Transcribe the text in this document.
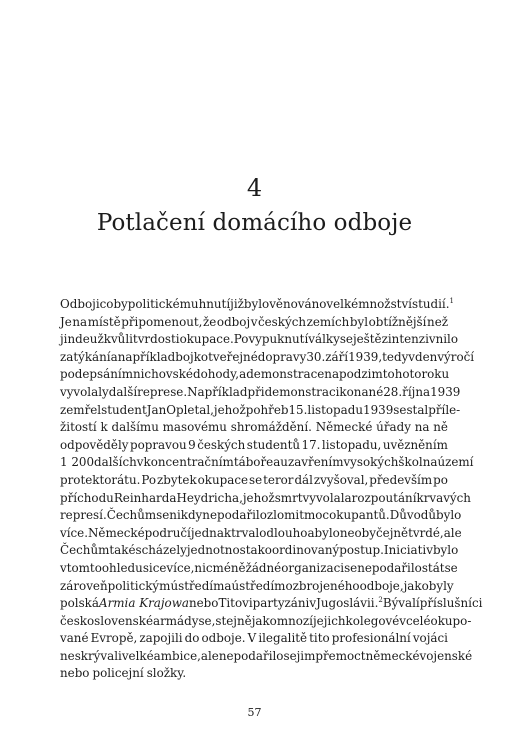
4
Potlačení domácího odboje
Odboji coby politickému hnutí již bylo věnováno velké množství studií.1
Je na místě připomenout, že odboj v českých zemích byl obtížnější než
jinde už kvůli tvrdosti okupace. Po vypuknutí války se ještě zintenzivnilo
zatýkání a například bojkot veřejné dopravy 30. září 1939, tedy v den výročí
podepsání mnichovské dohody, a demonstrace na podzim tohoto roku
vyvolaly další represe. Například při demonstraci konané 28. října 1939
zemřel student Jan Opletal, jehož pohřeb 15. listopadu 1939 se stal příle-
žitostí k dalšímu masovému shromáždění. Německé úřady na ně
odpověděly popravou 9 českých studentů 17. listopadu, uvězněním
1 200 dalších v koncentračním táboře a uzavřením vysokých škol na území
protektorátu. Po zbytek okupace se teror dál zvyšoval, především po
příchodu Reinharda Heydricha, jehož smrt vyvolala rozpoutání krvavých
represí. Čechům se nikdy nepodařilo zlomit moc okupantů. Důvodů bylo
více. Německé područí jednak trvalo dlouho a bylo neobyčejně tvrdé, ale
Čechům také scházely jednotnost a koordinovaný postup. Iniciativ bylo
v tomto ohledu sice více, nicméně žádné organizaci se nepodařilo stát se
zároveň politickým ústředím a ústředím ozbrojeného odboje, jako byly
polská Armia Krajowa nebo Titovi partyzáni v Jugoslávii.2 Bývalí příslušníci
československé armády se, stejně jako mnozí jejich kolegové v celé okupo-
vané Evropě, zapojili do odboje. V ilegalitě tito profesionální vojáci
neskrývali velké ambice, ale nepodařilo se jim přemoct německé vojenské
nebo policejní složky.
57
